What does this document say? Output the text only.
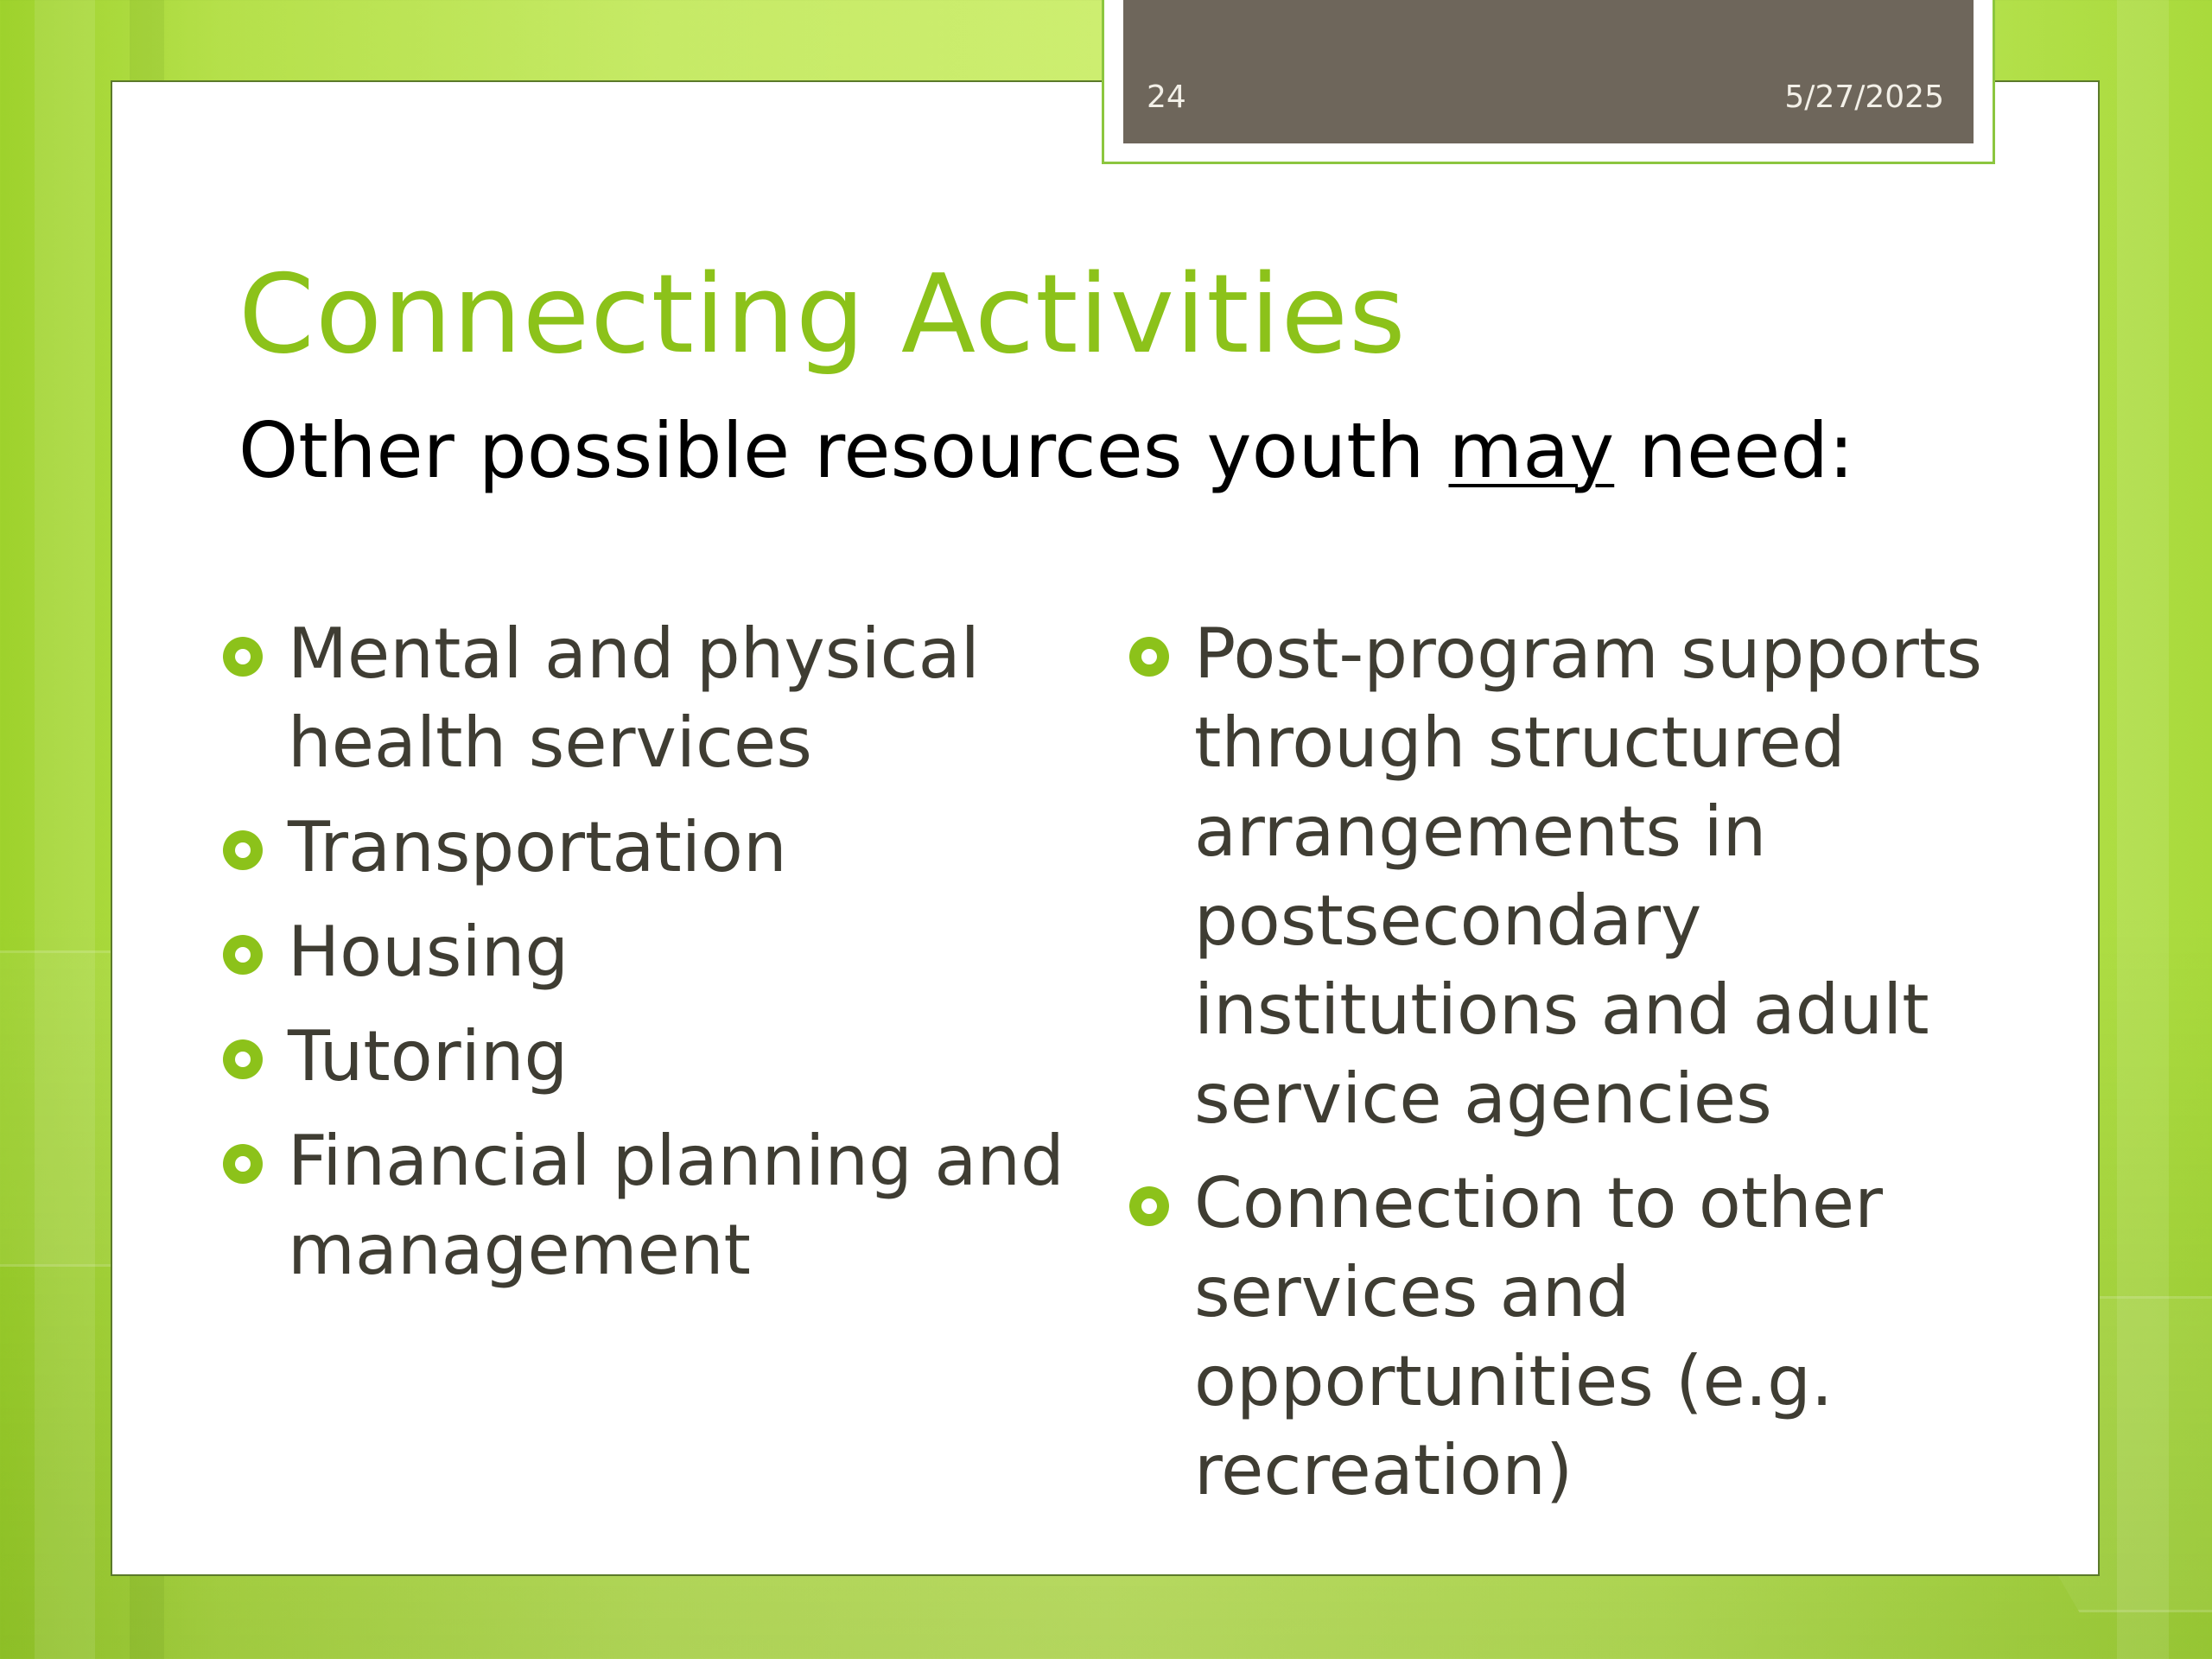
24	5/27/2025
Connecting Activities

Other possible resources youth may need:

Mental and physical health services
Transportation
Housing
Tutoring
Financial planning and management
Post-program supports through structured arrangements in postsecondary institutions and adult service agencies
Connection to other services and opportunities (e.g. recreation)
